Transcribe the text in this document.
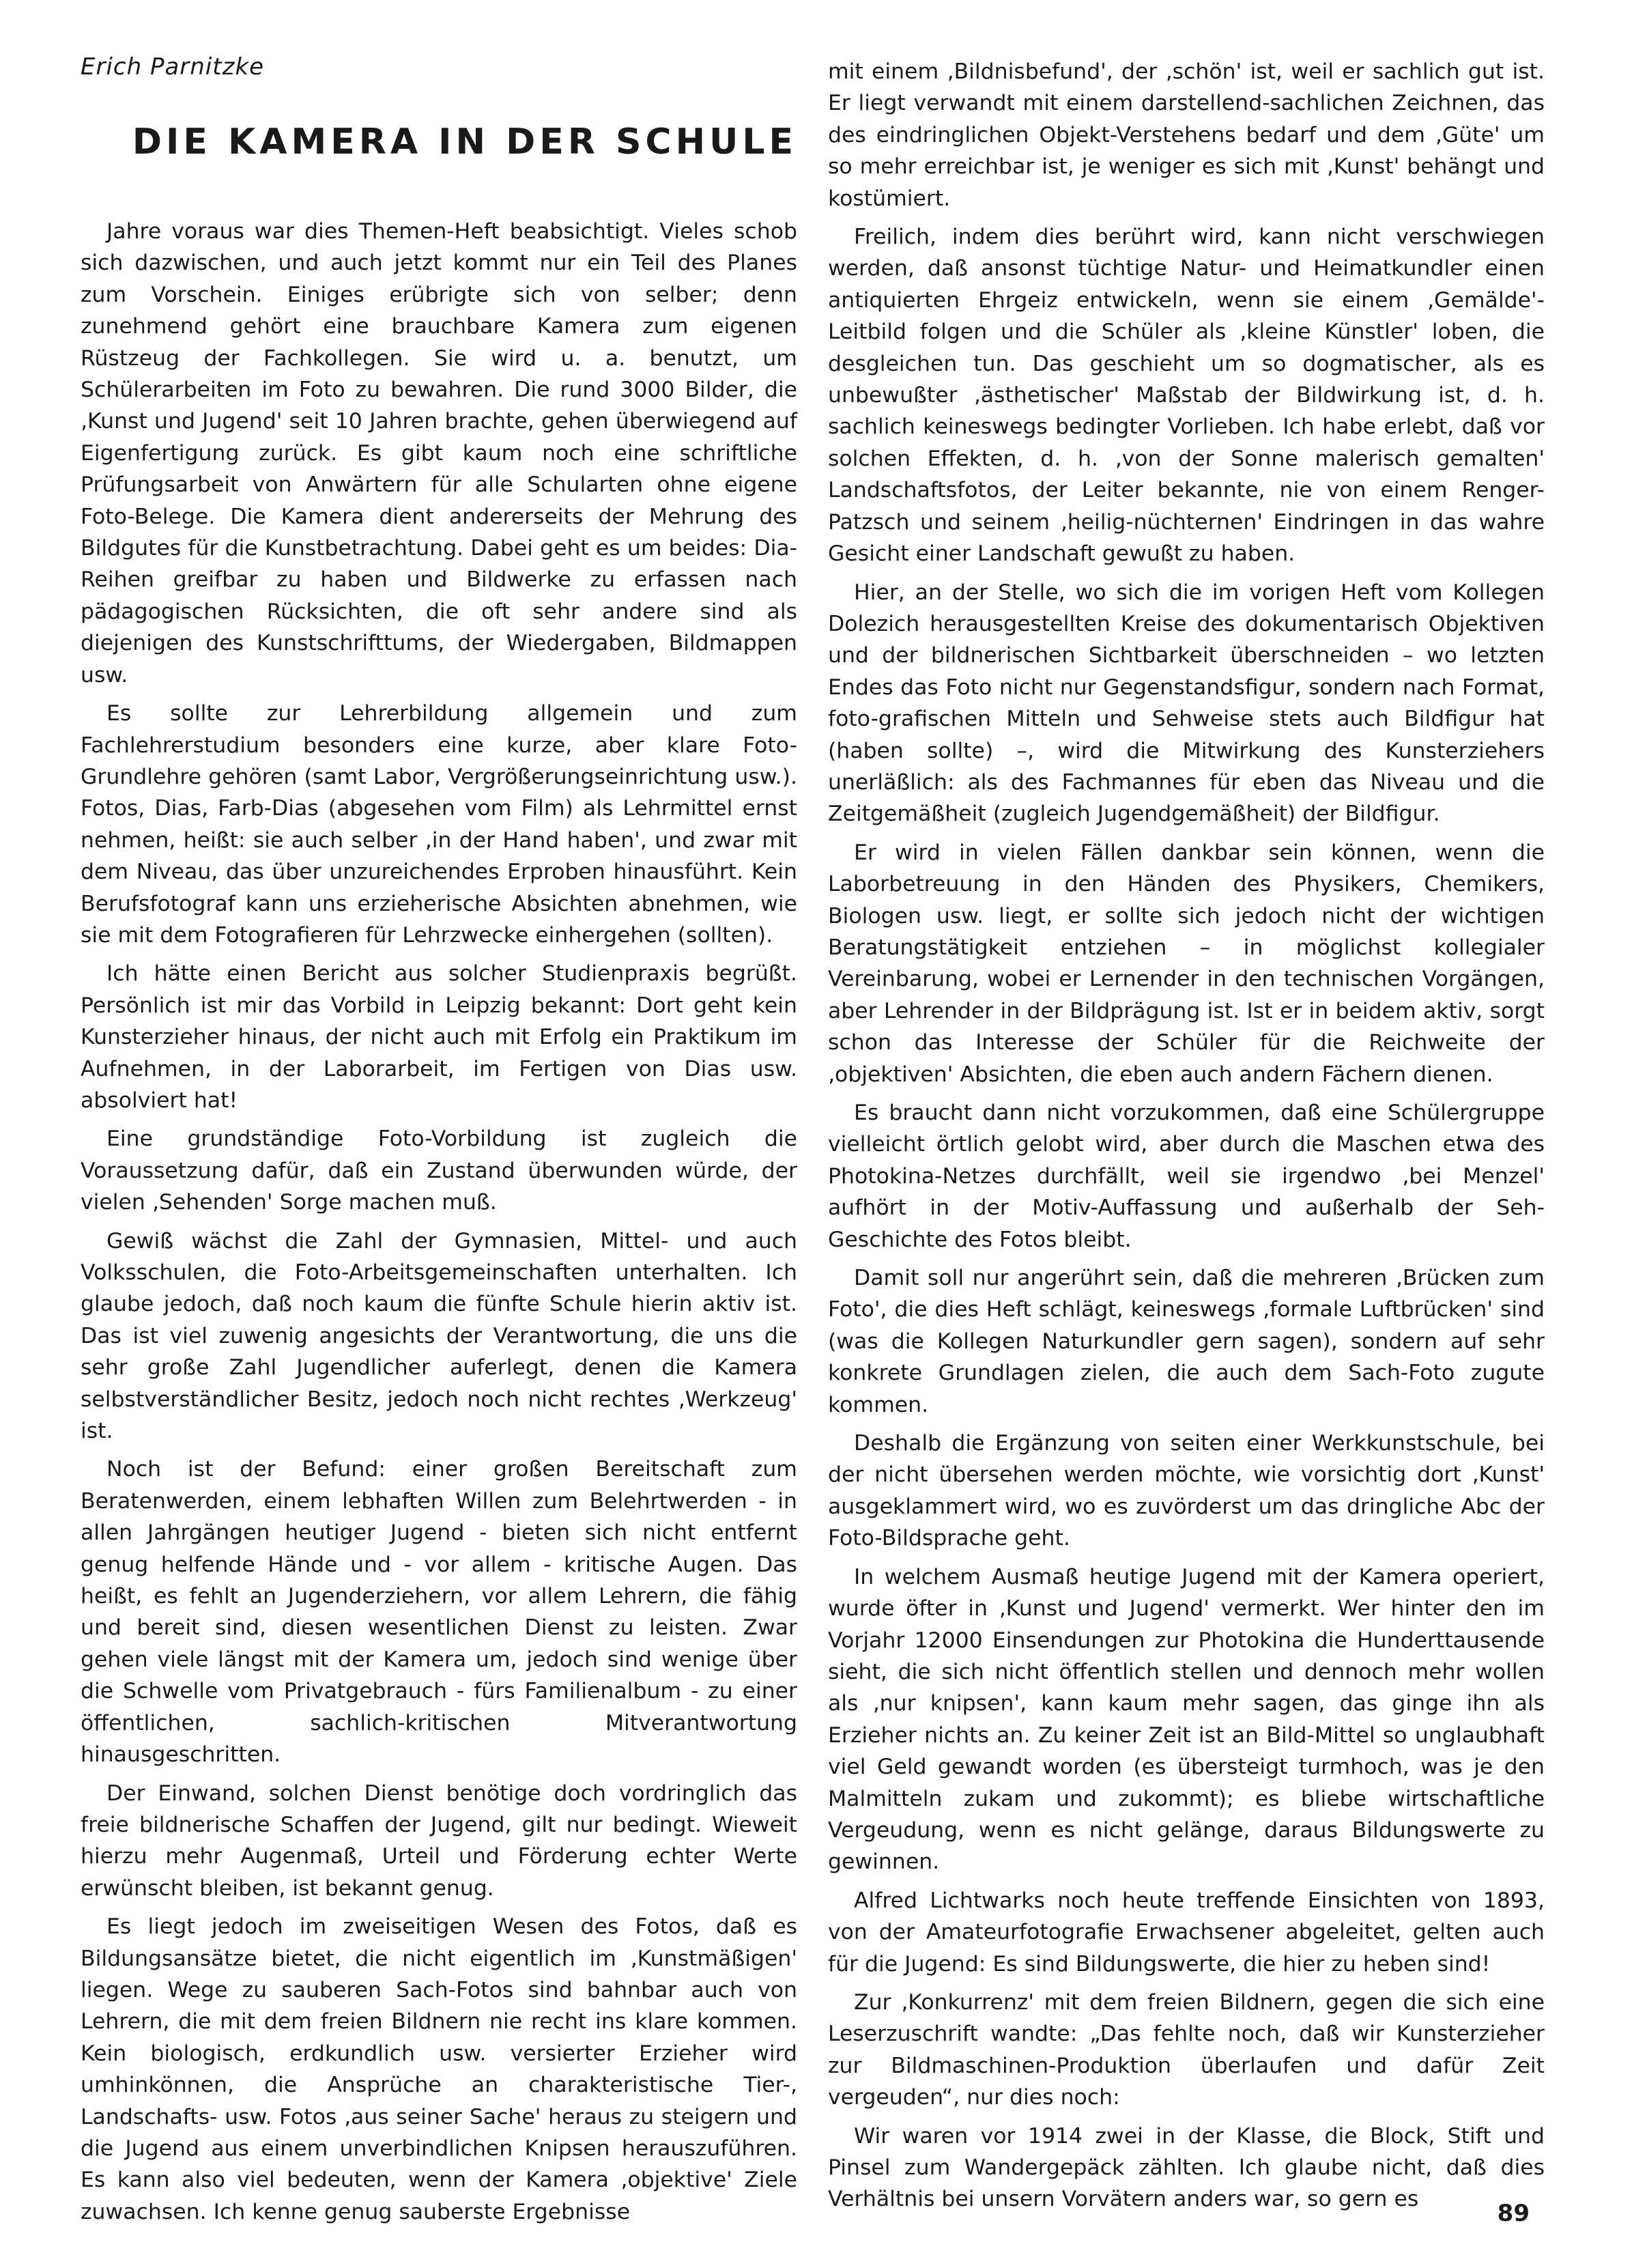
Erich Parnitzke
DIE KAMERA IN DER SCHULE

Jahre voraus war dies Themen-Heft beabsichtigt. Vieles schob sich dazwischen, und auch jetzt kommt nur ein Teil des Planes zum Vorschein. Einiges erübrigte sich von selber; denn zunehmend gehört eine brauchbare Kamera zum eigenen Rüstzeug der Fachkollegen. Sie wird u. a. benutzt, um Schülerarbeiten im Foto zu bewahren. Die rund 3000 Bilder, die ‚Kunst und Jugend' seit 10 Jahren brachte, gehen überwiegend auf Eigenfertigung zurück. Es gibt kaum noch eine schriftliche Prüfungsarbeit von Anwärtern für alle Schularten ohne eigene Foto-Belege. Die Kamera dient andererseits der Mehrung des Bildgutes für die Kunstbetrachtung. Dabei geht es um beides: Dia-Reihen greifbar zu haben und Bildwerke zu erfassen nach pädagogischen Rücksichten, die oft sehr andere sind als diejenigen des Kunstschrifttums, der Wiedergaben, Bildmappen usw.

Es sollte zur Lehrerbildung allgemein und zum Fachlehrerstudium besonders eine kurze, aber klare Foto-Grundlehre gehören (samt Labor, Vergrößerungseinrichtung usw.). Fotos, Dias, Farb-Dias (abgesehen vom Film) als Lehrmittel ernst nehmen, heißt: sie auch selber ‚in der Hand haben', und zwar mit dem Niveau, das über unzureichendes Erproben hinausführt. Kein Berufsfotograf kann uns erzieherische Absichten abnehmen, wie sie mit dem Fotografieren für Lehrzwecke einhergehen (sollten).

Ich hätte einen Bericht aus solcher Studienpraxis begrüßt. Persönlich ist mir das Vorbild in Leipzig bekannt: Dort geht kein Kunsterzieher hinaus, der nicht auch mit Erfolg ein Praktikum im Aufnehmen, in der Laborarbeit, im Fertigen von Dias usw. absolviert hat!

Eine grundständige Foto-Vorbildung ist zugleich die Voraussetzung dafür, daß ein Zustand überwunden würde, der vielen ‚Sehenden' Sorge machen muß.

Gewiß wächst die Zahl der Gymnasien, Mittel- und auch Volksschulen, die Foto-Arbeitsgemeinschaften unterhalten. Ich glaube jedoch, daß noch kaum die fünfte Schule hierin aktiv ist. Das ist viel zuwenig angesichts der Verantwortung, die uns die sehr große Zahl Jugendlicher auferlegt, denen die Kamera selbstverständlicher Besitz, jedoch noch nicht rechtes ‚Werkzeug' ist.

Noch ist der Befund: einer großen Bereitschaft zum Beratenwerden, einem lebhaften Willen zum Belehrtwerden - in allen Jahrgängen heutiger Jugend - bieten sich nicht entfernt genug helfende Hände und - vor allem - kritische Augen. Das heißt, es fehlt an Jugenderziehern, vor allem Lehrern, die fähig und bereit sind, diesen wesentlichen Dienst zu leisten. Zwar gehen viele längst mit der Kamera um, jedoch sind wenige über die Schwelle vom Privatgebrauch - fürs Familienalbum - zu einer öffentlichen, sachlich-kritischen Mitverantwortung hinausgeschritten.

Der Einwand, solchen Dienst benötige doch vordringlich das freie bildnerische Schaffen der Jugend, gilt nur bedingt. Wieweit hierzu mehr Augenmaß, Urteil und Förderung echter Werte erwünscht bleiben, ist bekannt genug.

Es liegt jedoch im zweiseitigen Wesen des Fotos, daß es Bildungsansätze bietet, die nicht eigentlich im ‚Kunstmäßigen' liegen. Wege zu sauberen Sach-Fotos sind bahnbar auch von Lehrern, die mit dem freien Bildnern nie recht ins klare kommen. Kein biologisch, erdkundlich usw. versierter Erzieher wird umhinkönnen, die Ansprüche an charakteristische Tier-, Landschafts- usw. Fotos ‚aus seiner Sache' heraus zu steigern und die Jugend aus einem unverbindlichen Knipsen herauszuführen. Es kann also viel bedeuten, wenn der Kamera ‚objektive' Ziele zuwachsen. Ich kenne genug sauberste Ergebnisse

mit einem ‚Bildnisbefund', der ‚schön' ist, weil er sachlich gut ist. Er liegt verwandt mit einem darstellend-sachlichen Zeichnen, das des eindringlichen Objekt-Verstehens bedarf und dem ‚Güte' um so mehr erreichbar ist, je weniger es sich mit ‚Kunst' behängt und kostümiert.

Freilich, indem dies berührt wird, kann nicht verschwiegen werden, daß ansonst tüchtige Natur- und Heimatkundler einen antiquierten Ehrgeiz entwickeln, wenn sie einem ‚Gemälde'-Leitbild folgen und die Schüler als ‚kleine Künstler' loben, die desgleichen tun. Das geschieht um so dogmatischer, als es unbewußter ‚ästhetischer' Maßstab der Bildwirkung ist, d. h. sachlich keineswegs bedingter Vorlieben. Ich habe erlebt, daß vor solchen Effekten, d. h. ‚von der Sonne malerisch gemalten' Landschaftsfotos, der Leiter bekannte, nie von einem Renger-Patzsch und seinem ‚heilig-nüchternen' Eindringen in das wahre Gesicht einer Landschaft gewußt zu haben.

Hier, an der Stelle, wo sich die im vorigen Heft vom Kollegen Dolezich herausgestellten Kreise des dokumentarisch Objektiven und der bildnerischen Sichtbarkeit überschneiden – wo letzten Endes das Foto nicht nur Gegenstandsfigur, sondern nach Format, foto-grafischen Mitteln und Sehweise stets auch Bildfigur hat (haben sollte) –, wird die Mitwirkung des Kunsterziehers unerläßlich: als des Fachmannes für eben das Niveau und die Zeitgemäßheit (zugleich Jugendgemäßheit) der Bildfigur.

Er wird in vielen Fällen dankbar sein können, wenn die Laborbetreuung in den Händen des Physikers, Chemikers, Biologen usw. liegt, er sollte sich jedoch nicht der wichtigen Beratungstätigkeit entziehen – in möglichst kollegialer Vereinbarung, wobei er Lernender in den technischen Vorgängen, aber Lehrender in der Bildprägung ist. Ist er in beidem aktiv, sorgt schon das Interesse der Schüler für die Reichweite der ‚objektiven' Absichten, die eben auch andern Fächern dienen.

Es braucht dann nicht vorzukommen, daß eine Schülergruppe vielleicht örtlich gelobt wird, aber durch die Maschen etwa des Photokina-Netzes durchfällt, weil sie irgendwo ‚bei Menzel' aufhört in der Motiv-Auffassung und außerhalb der Seh-Geschichte des Fotos bleibt.

Damit soll nur angerührt sein, daß die mehreren ‚Brücken zum Foto', die dies Heft schlägt, keineswegs ‚formale Luftbrücken' sind (was die Kollegen Naturkundler gern sagen), sondern auf sehr konkrete Grundlagen zielen, die auch dem Sach-Foto zugute kommen.

Deshalb die Ergänzung von seiten einer Werkkunstschule, bei der nicht übersehen werden möchte, wie vorsichtig dort ‚Kunst' ausgeklammert wird, wo es zuvörderst um das dringliche Abc der Foto-Bildsprache geht.

In welchem Ausmaß heutige Jugend mit der Kamera operiert, wurde öfter in ‚Kunst und Jugend' vermerkt. Wer hinter den im Vorjahr 12000 Einsendungen zur Photokina die Hunderttausende sieht, die sich nicht öffentlich stellen und dennoch mehr wollen als ‚nur knipsen', kann kaum mehr sagen, das ginge ihn als Erzieher nichts an. Zu keiner Zeit ist an Bild-Mittel so unglaubhaft viel Geld gewandt worden (es übersteigt turmhoch, was je den Malmitteln zukam und zukommt); es bliebe wirtschaftliche Vergeudung, wenn es nicht gelänge, daraus Bildungswerte zu gewinnen.

Alfred Lichtwarks noch heute treffende Einsichten von 1893, von der Amateurfotografie Erwachsener abgeleitet, gelten auch für die Jugend: Es sind Bildungswerte, die hier zu heben sind!

Zur ‚Konkurrenz' mit dem freien Bildnern, gegen die sich eine Leserzuschrift wandte: „Das fehlte noch, daß wir Kunsterzieher zur Bildmaschinen-Produktion überlaufen und dafür Zeit vergeuden“, nur dies noch:

Wir waren vor 1914 zwei in der Klasse, die Block, Stift und Pinsel zum Wandergepäck zählten. Ich glaube nicht, daß dies Verhältnis bei unsern Vorvätern anders war, so gern es

89
